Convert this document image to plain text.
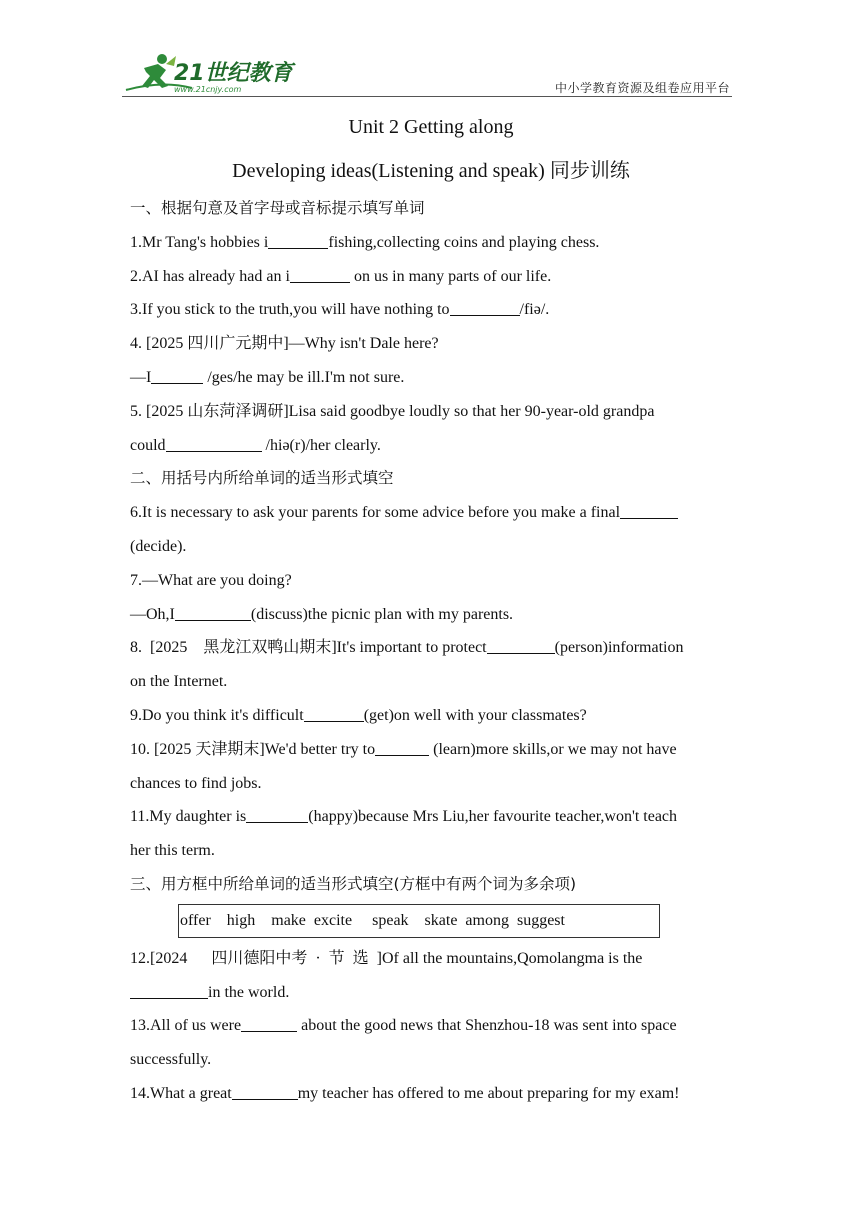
21世纪教育
www.21cnjy.com	中小学教育资源及组卷应用平台

Unit 2 Getting along

Developing ideas(Listening and speak) 同步训练

一、根据句意及首字母或音标提示填写单词

1.Mr Tang's hobbies i	fishing,collecting coins and playing chess.

2.AI has already had an i	on us in many parts of our life.

3.If you stick to the truth,you will have nothing to	/fiə/.

4. [2025 四川广元期中]—Why isn't Dale here?

—I	/ges/he may be ill.I'm not sure.

5. [2025 山东菏泽调研]Lisa said goodbye loudly so that her 90-year-old grandpa
could	/hiə(r)/her clearly.

二、用括号内所给单词的适当形式填空

6.It is necessary to ask your parents for some advice before you make a final
(decide).

7.—What are you doing?

—Oh,I	(discuss)the picnic plan with my parents.

8.  [2025    黑龙江双鸭山期末]It's important to protect	(person)information
on the Internet.

9.Do you think it's difficult	(get)on well with your classmates?

10. [2025 天津期末]We'd better try to	(learn)more skills,or we may not have
chances to find jobs.

11.My daughter is	(happy)because Mrs Liu,her favourite teacher,won't teach
her this term.

三、用方框中所给单词的适当形式填空(方框中有两个词为多余项)

offer
high
make
excite
speak
skate
among
suggest

12.[2024      四川德阳中考  ·  节  选  ]Of all the mountains,Qomolangma is the
in the world.

13.All of us were	about the good news that Shenzhou-18 was sent into space
successfully.

14.What a great	my teacher has offered to me about preparing for my exam!
